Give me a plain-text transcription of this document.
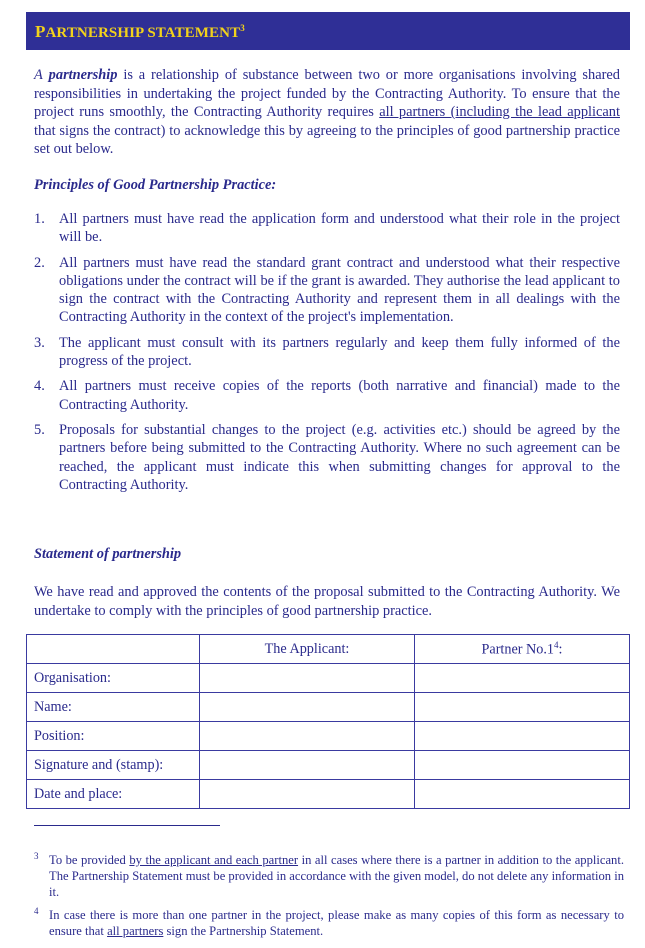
PARTNERSHIP STATEMENT$^3$

A partnership is a relationship of substance between two or more organisations involving shared responsibilities in undertaking the project funded by the Contracting Authority. To ensure that the project runs smoothly, the Contracting Authority requires all partners (including the lead applicant that signs the contract) to acknowledge this by agreeing to the principles of good partnership practice set out below.

Principles of Good Partnership Practice:

1. All partners must have read the application form and understood what their role in the project will be.
2. All partners must have read the standard grant contract and understood what their respective obligations under the contract will be if the grant is awarded. They authorise the lead applicant to sign the contract with the Contracting Authority and represent them in all dealings with the Contracting Authority in the context of the project's implementation.
3. The applicant must consult with its partners regularly and keep them fully informed of the progress of the project.
4. All partners must receive copies of the reports (both narrative and financial) made to the Contracting Authority.
5. Proposals for substantial changes to the project (e.g. activities etc.) should be agreed by the partners before being submitted to the Contracting Authority. Where no such agreement can be reached, the applicant must indicate this when submitting changes for approval to the Contracting Authority.

Statement of partnership

We have read and approved the contents of the proposal submitted to the Contracting Authority. We undertake to comply with the principles of good partnership practice.

	The Applicant:	Partner $No.1^4$:
Organisation:		
Name:		
Position:		
Signature and (stamp):		
Date and place:		

3 To be provided by the applicant and each partner in all cases where there is a partner in addition to the applicant. The Partnership Statement must be provided in accordance with the given model, do not delete any information in it.

4 In case there is more than one partner in the project, please make as many copies of this form as necessary to ensure that all partners sign the Partnership Statement.
